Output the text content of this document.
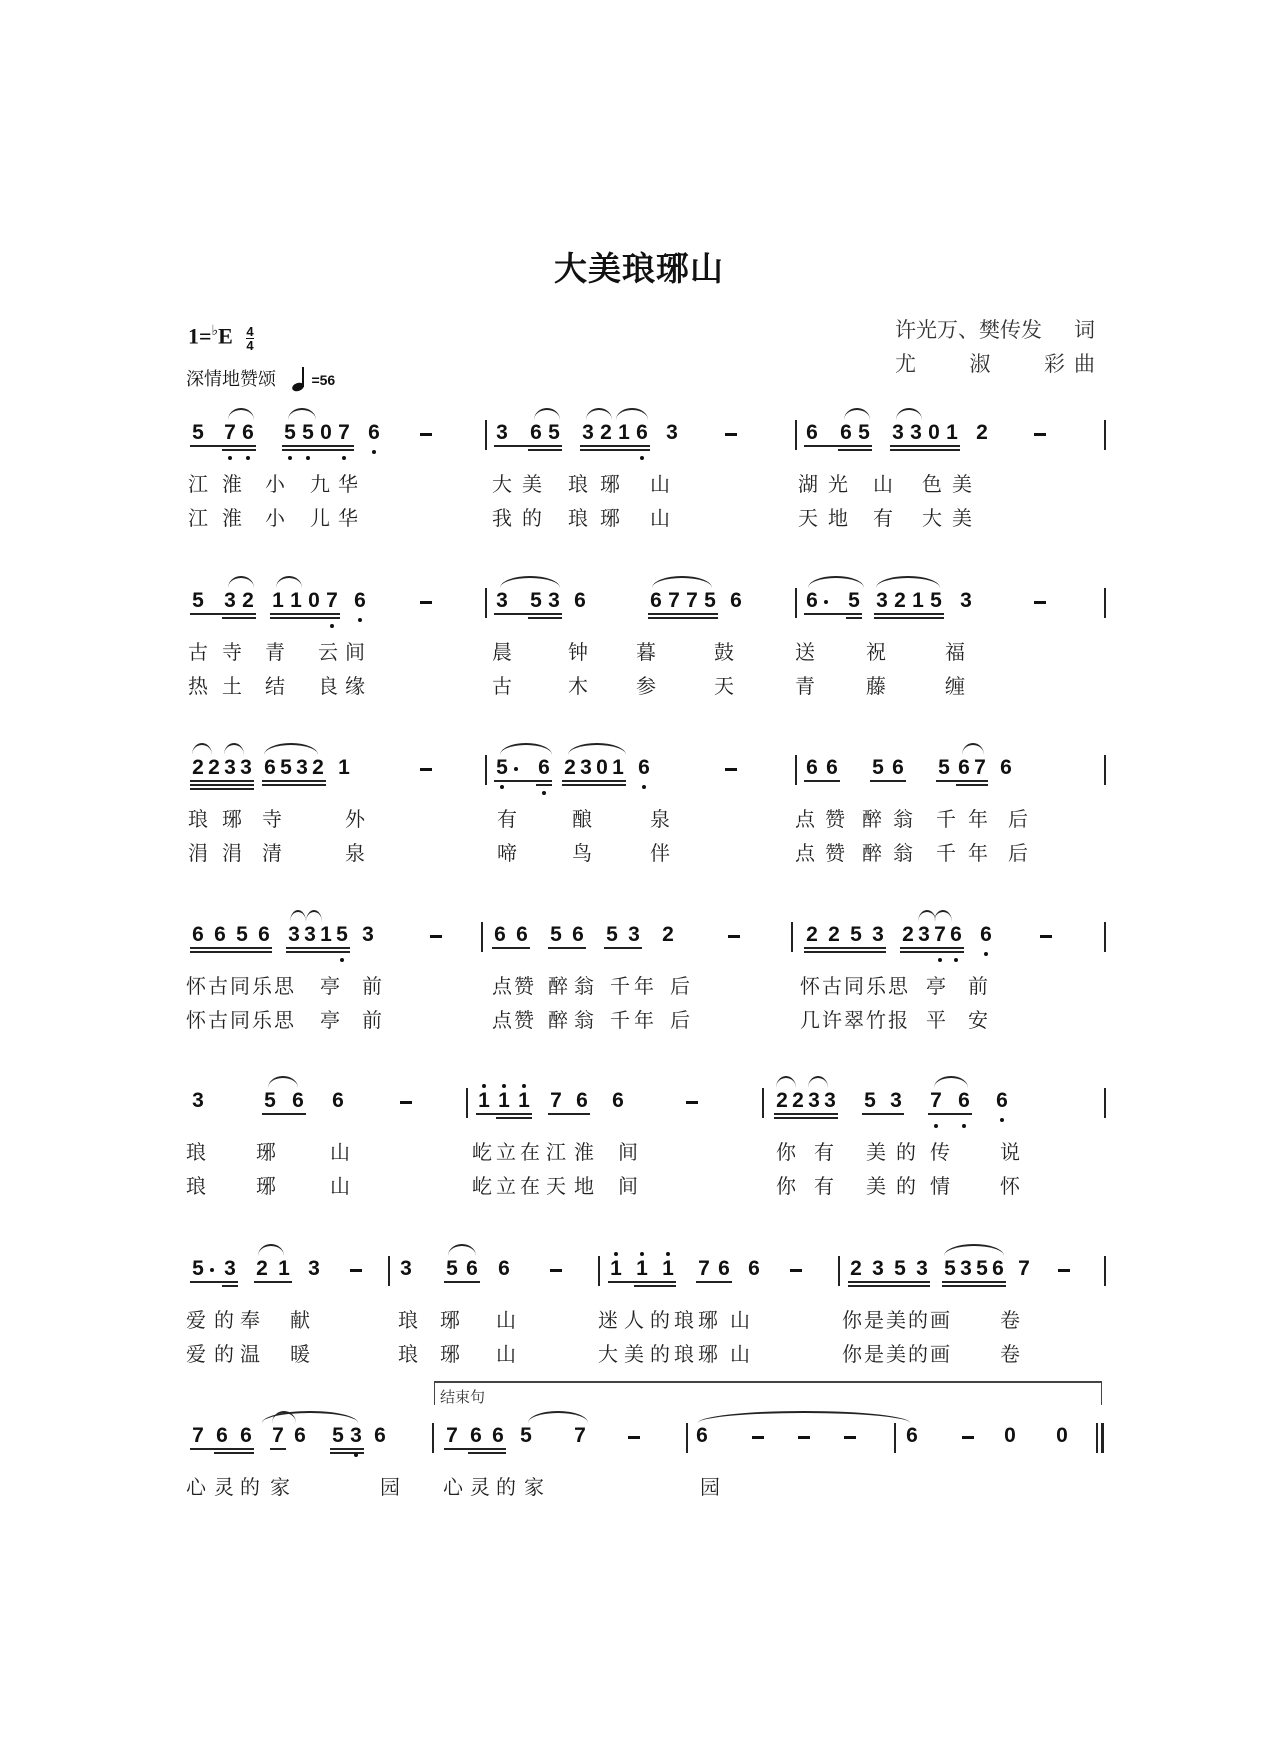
大美琅琊山
许光万、樊传发 词
尤	淑	彩 曲
$1=^♭E \frac{4}{4}$
深情地赞颂	=56
结束句
5 7 6 5 5 0 7 6	3 6 5 3 2 1 6 3	6 6 5 3 3 0 1 2
江 淮 小 九 华	大 美 琅 琊 山	湖 光 山 色 美
江 淮 小 儿 华	我 的 琅 琊 山	天 地 有 大 美
5 3 2 1 1 0 7 6	3 5 3 6	6 7 7 5 6	6 5 3 2 1 5 3
古 寺 青 云 间	晨	钟 暮	鼓	送	祝	福
热 土 结 良 缘	古	木 参	天	青	藤	缠
2 2 3 3 6 5 3 2 1	5 6 2 3 0 1 6	6 6 5 6 5 6 7 6
琅 琊 寺	外	有	酿	泉	点 赞 醉 翁 千 年 后
涓 涓 清	泉	啼	鸟	伴	点 赞 醉 翁 千 年 后
6 6 5 6 3 3 1 5 3	6 6 5 6 5 3 2	2 2 5 3 2 3 7 6 6
怀 古 同 乐 思 亭 前	点 赞 醉 翁 千 年 后	怀 古 同 乐 思 亭 前
怀 古 同 乐 思 亭 前	点 赞 醉 翁 千 年 后	几 许 翠 竹 报 平 安
3	5 6 6	1 1 1 7 6 6	2 2 3 3 5 3 7 6 6
琅	琊	山	屹 立 在 江 淮 间	你 有 美 的 传	说
琅	琊	山	屹 立 在 天 地 间	你 有 美 的 情	怀
5 3 2 1 3	3 5 6 6	1 1 1 7 6 6	2 3 5 3 5 3 5 6 7
爱 的 奉 献	琅 琊 山	迷 人 的 琅 琊 山	你 是 美 的 画	卷
爱 的 温 暖	琅 琊 山	大 美 的 琅 琊 山	你 是 美 的 画	卷
7 6 6 7 6 5 3 6	7 6 6 5 7	6	6	0 0
心 灵 的 家	园 心 灵 的 家	园
